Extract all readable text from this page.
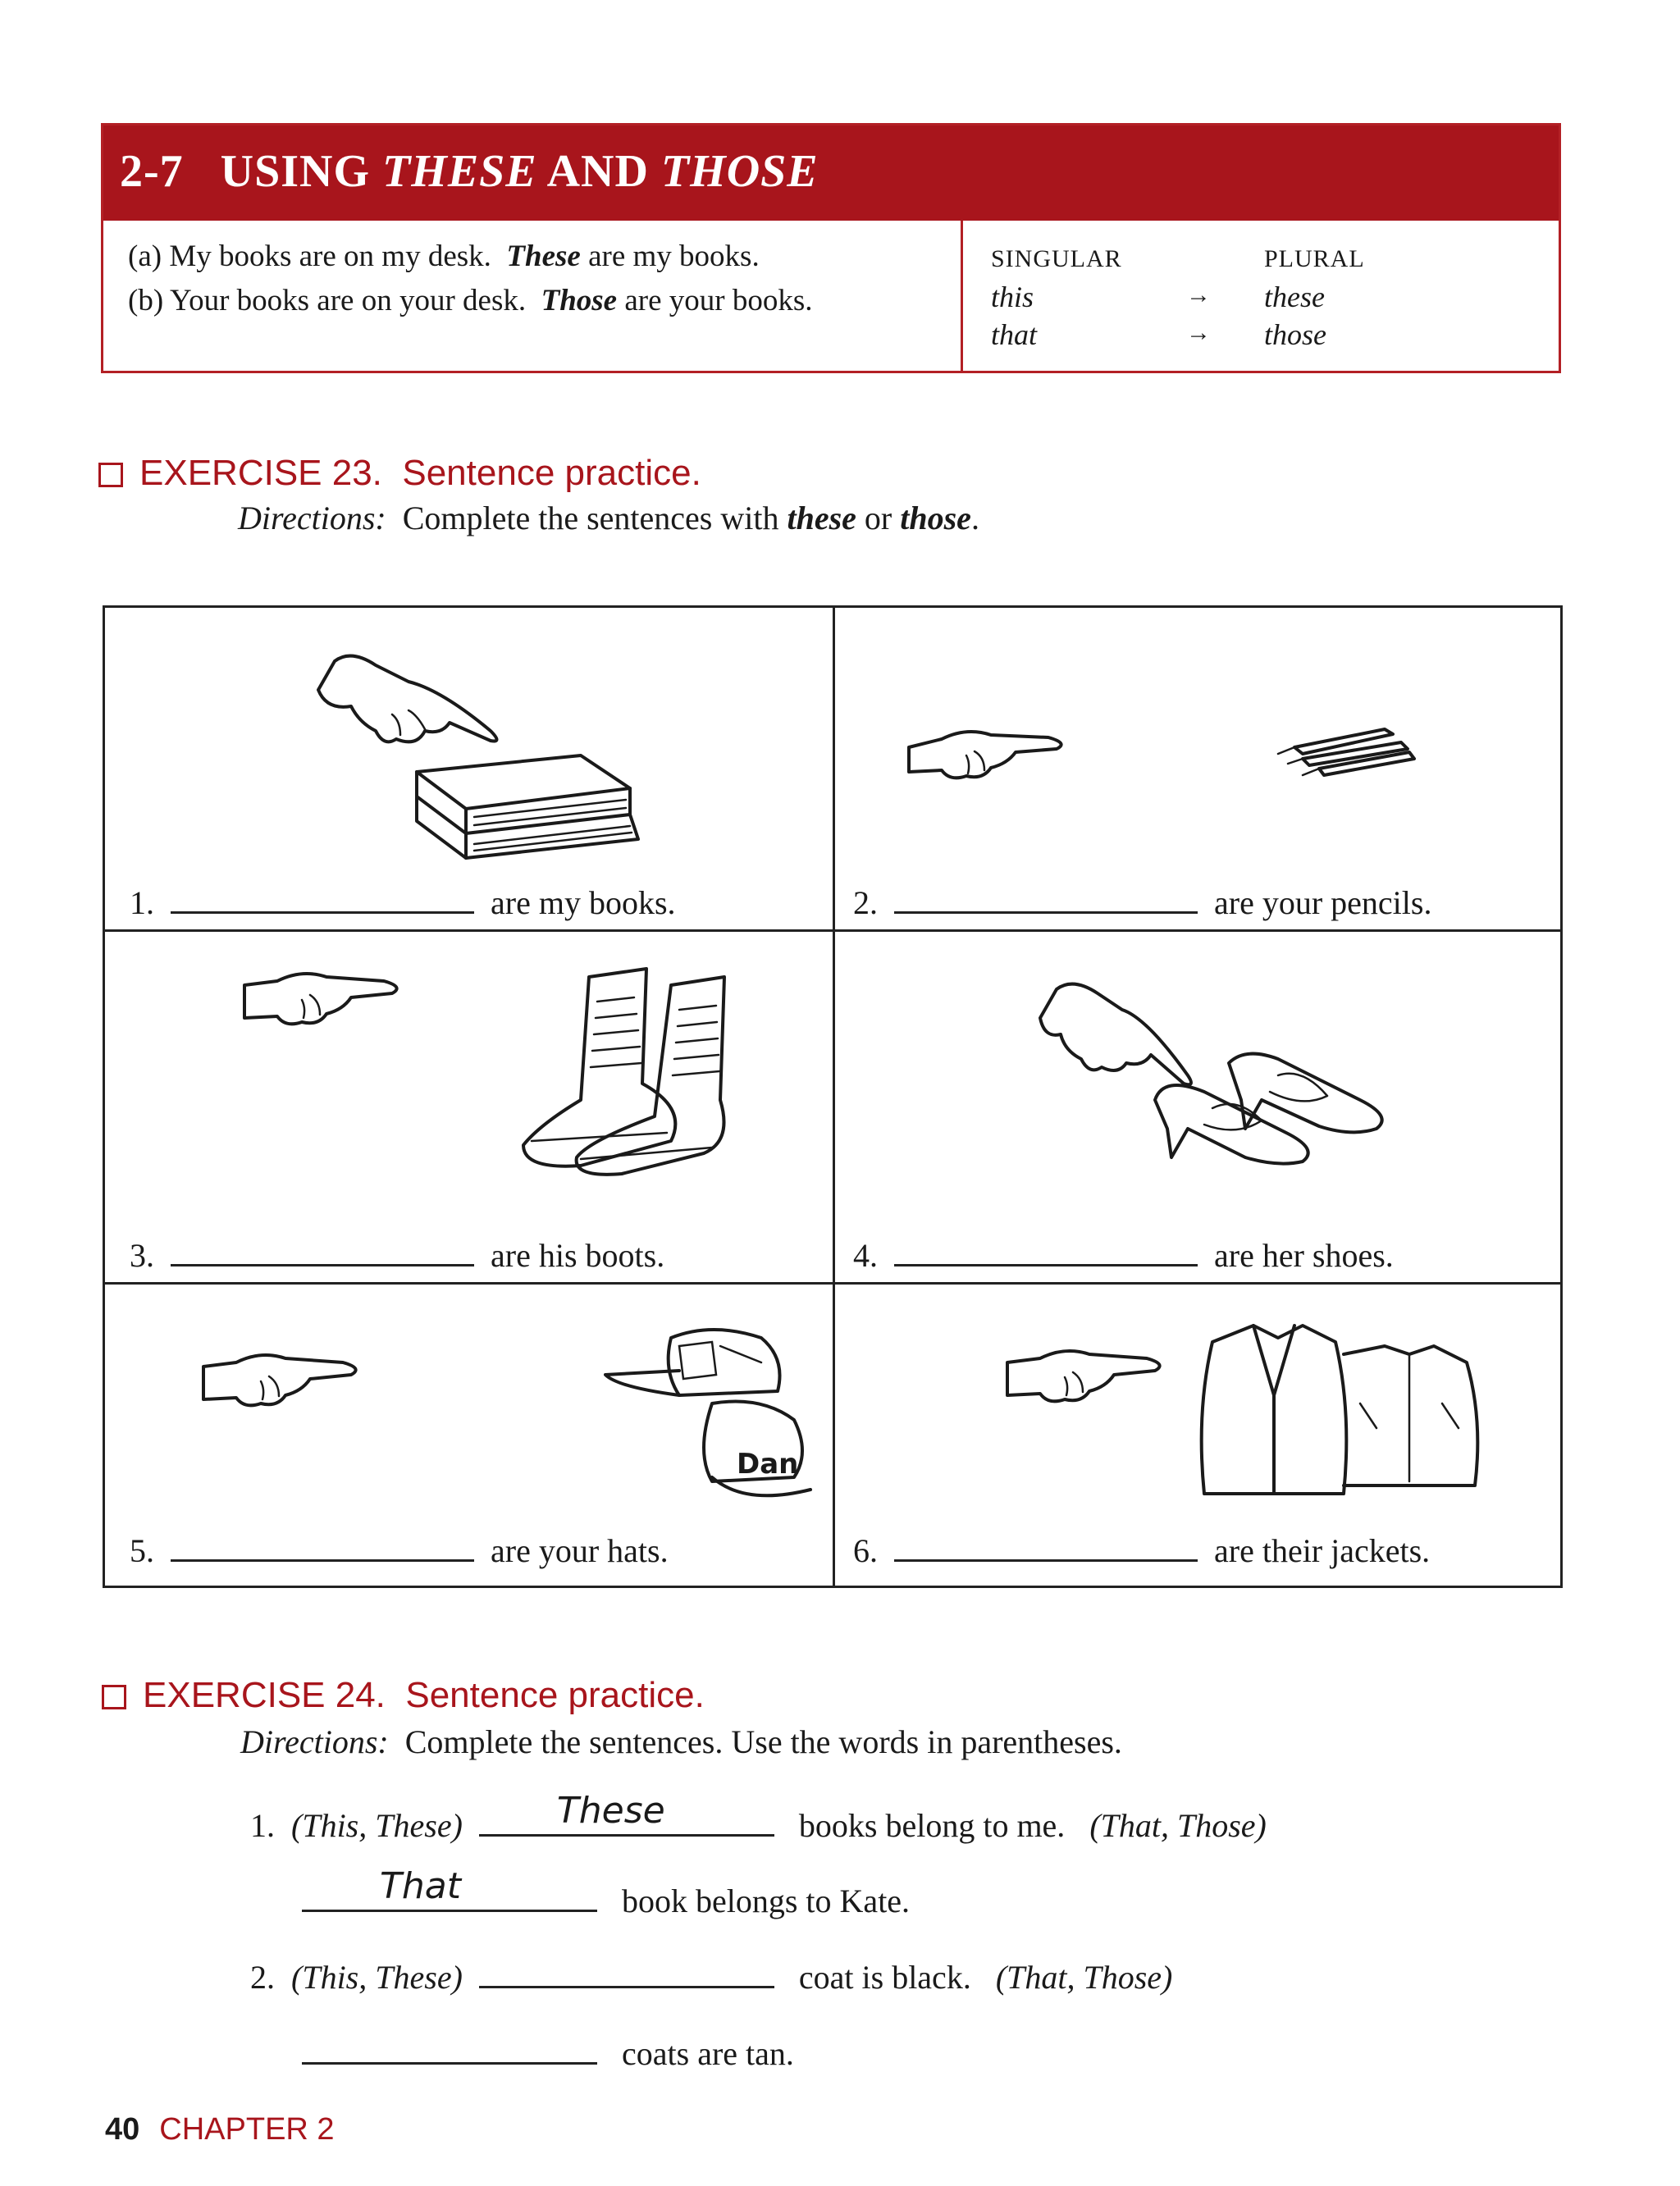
2-7 USING THESE AND THOSE
(a) My books are on my desk. These are my books.
(b) Your books are on your desk. Those are your books.
SINGULAR	PLURAL
this	→ these
that	→ those
EXERCISE 23. Sentence practice.
Directions: Complete the sentences with these or those.
1.	are my books.	2.	are your pencils.
3.	are his boots.	4.	are her shoes.
Dan
5.	are your hats.	6.	are their jackets.
EXERCISE 24. Sentence practice.
Directions: Complete the sentences. Use the words in parentheses.
1. (This, These)	These	books belong to me. (That, Those)
That	book belongs to Kate.
2. (This, These)	coat is black. (That, Those)
coats are tan.
40 CHAPTER 2
